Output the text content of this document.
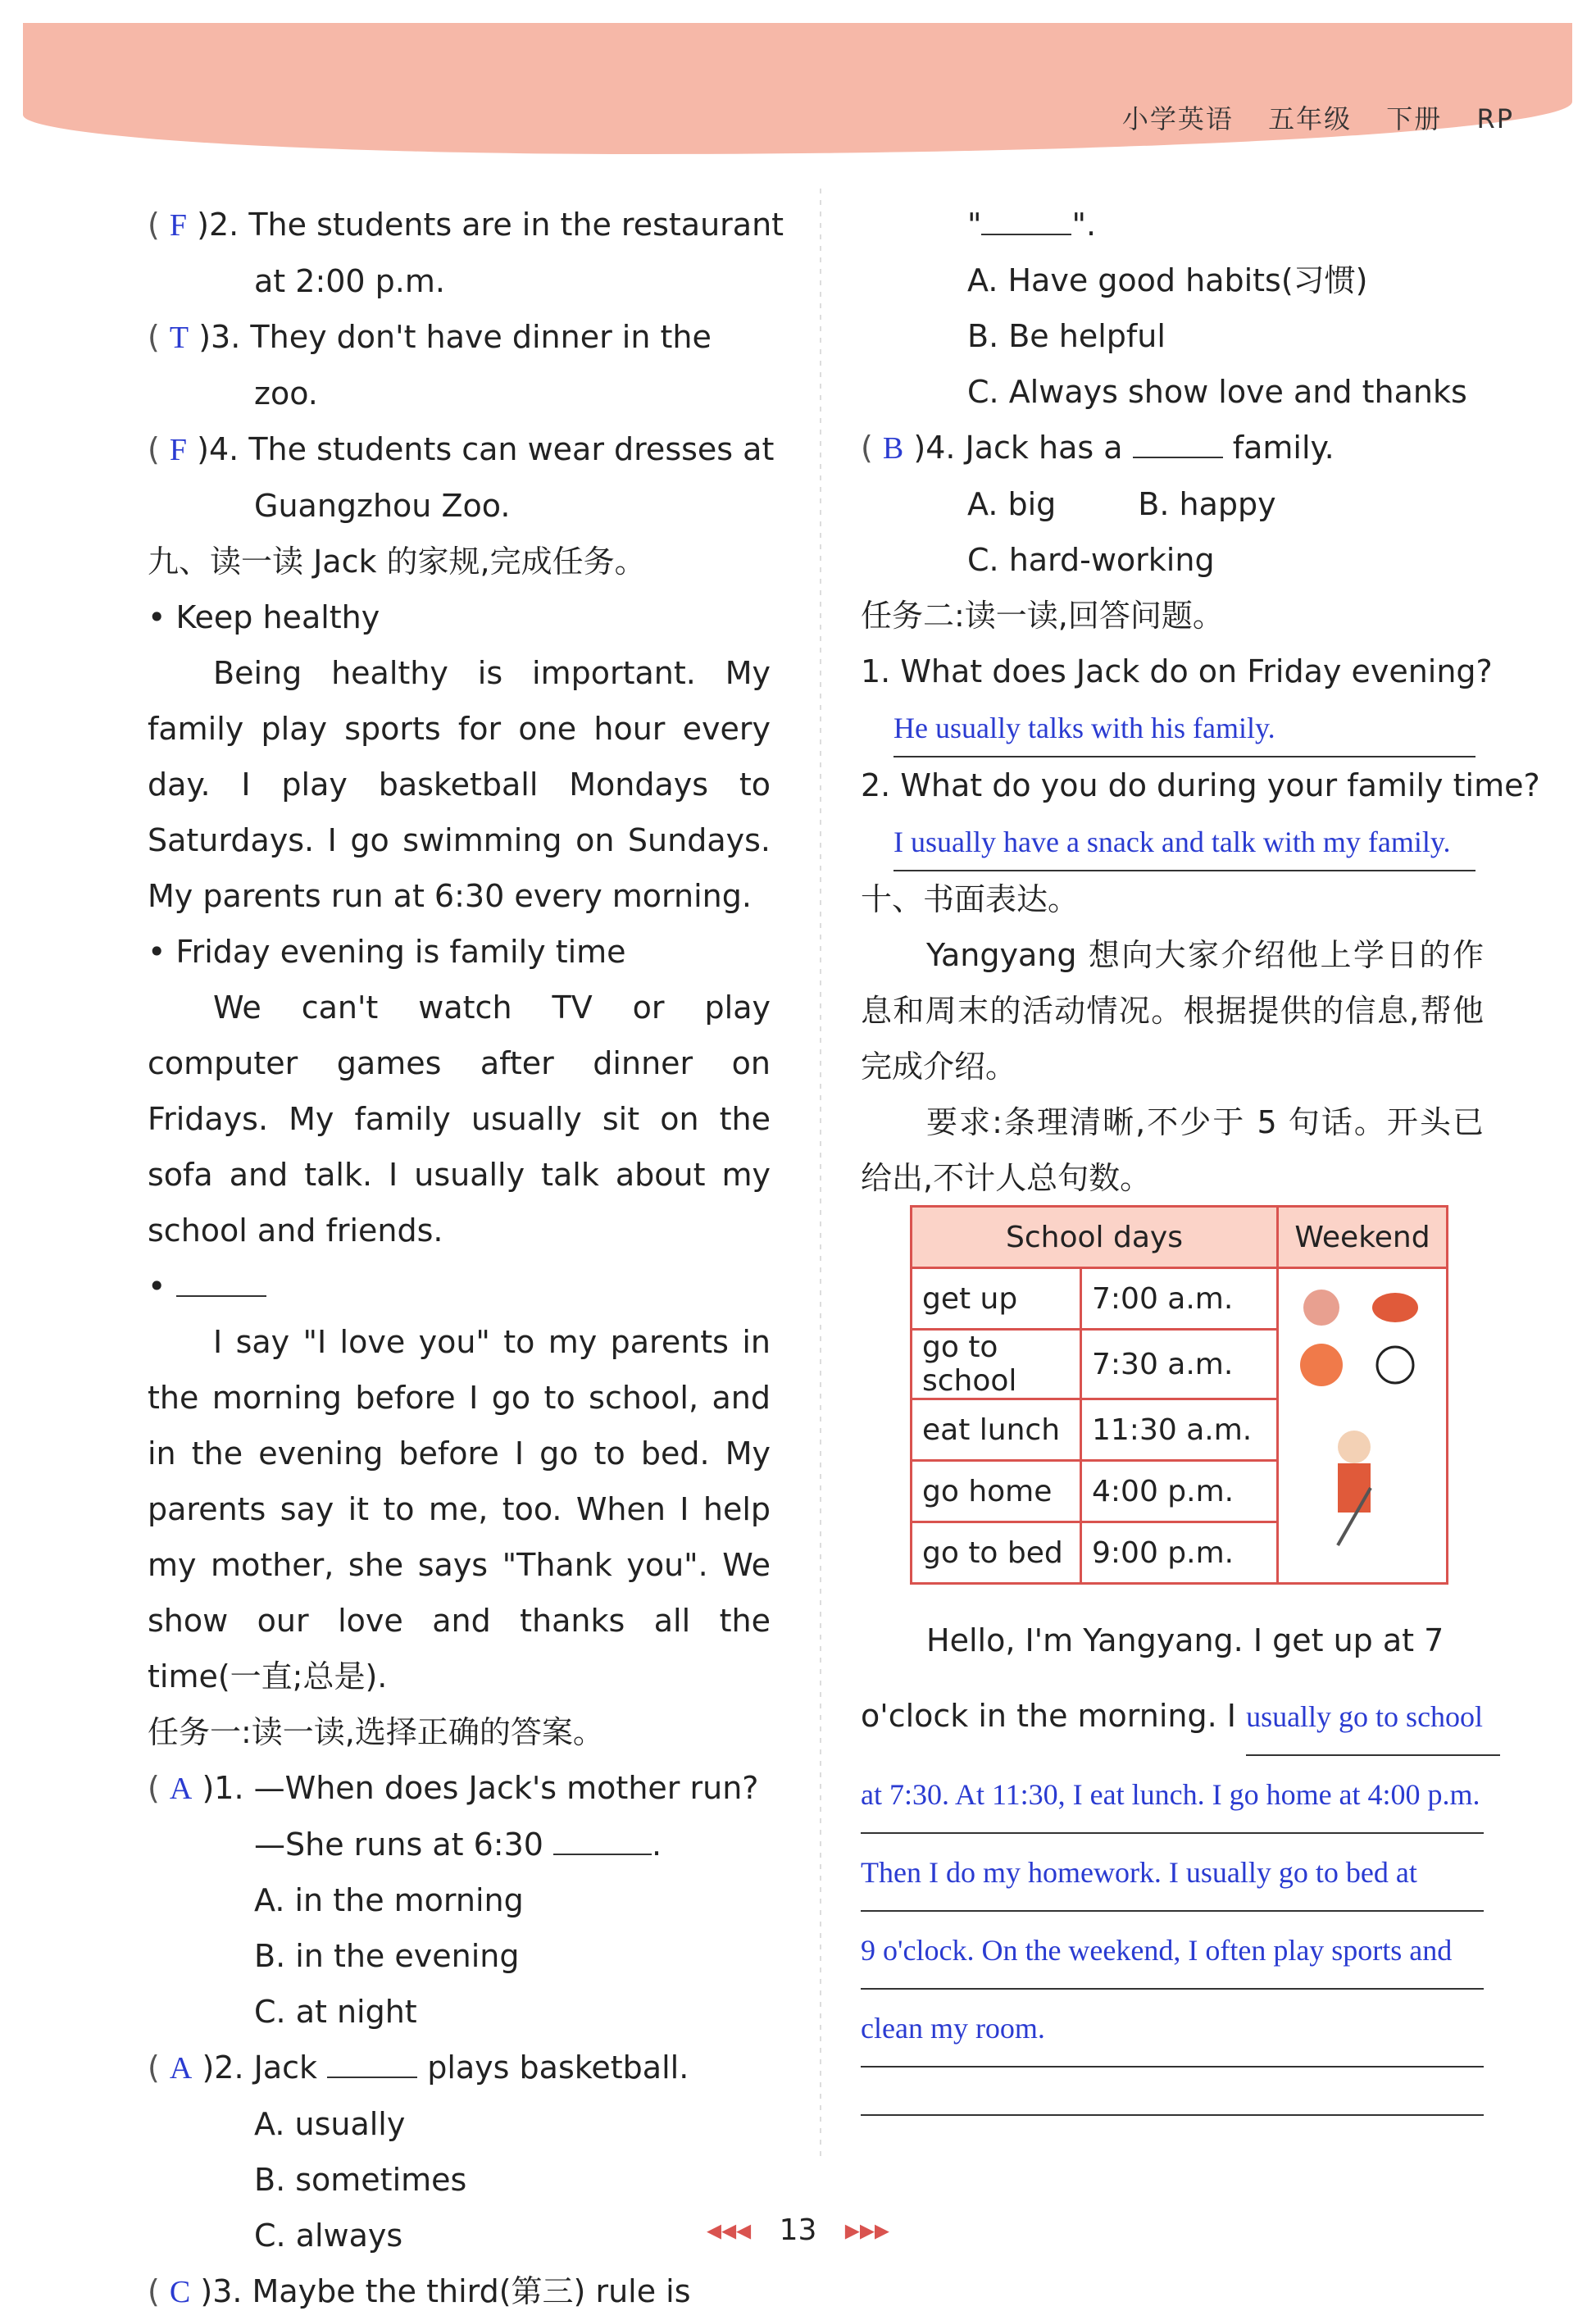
小学英语 五年级 下册 RP
( F )2. The students are in the restaurant
at 2:00 p.m.
( T )3. They don't have dinner in the
zoo.
( F )4. The students can wear dresses at
Guangzhou Zoo.
九、读一读 Jack 的家规,完成任务。
• Keep healthy
Being healthy is important. My family play sports for one hour every day. I play basketball Mondays to Saturdays. I go swimming on Sundays. My parents run at 6:30 every morning.
• Friday evening is family time
We can't watch TV or play computer games after dinner on Fridays. My family usually sit on the sofa and talk. I usually talk about my school and friends.
•
I say "I love you" to my parents in the morning before I go to school, and in the evening before I go to bed. My parents say it to me, too. When I help my mother, she says "Thank you". We show our love and thanks all the time(一直;总是).
任务一:读一读,选择正确的答案。
( A )1. —When does Jack's mother run?
—She runs at 6:30	.
A. in the morning
B. in the evening
C. at night
( A )2. Jack	plays basketball.
A. usually
B. sometimes
C. always
( C )3. Maybe the third(第三) rule is
"	".
A. Have good habits(习惯)
B. Be helpful
C. Always show love and thanks
( B )4. Jack has a	family.
A. big	B. happy
C. hard-working
任务二:读一读,回答问题。
1. What does Jack do on Friday evening?
He usually talks with his family.
2. What do you do during your family time?
I usually have a snack and talk with my family.
十、书面表达。
Yangyang 想向大家介绍他上学日的作息和周末的活动情况。根据提供的信息,帮他完成介绍。
要求:条理清晰,不少于 5 句话。开头已给出,不计人总句数。
School days		Weekend
get up	7:00 a.m.	
go to school	7:30 a.m.	
eat lunch	11:30 a.m.	
go home	4:00 p.m.	
go to bed	9:00 p.m.	
Hello, I'm Yangyang. I get up at 7
o'clock in the morning. I usually go to school
at 7:30. At 11:30, I eat lunch. I go home at 4:00 p.m.
Then I do my homework. I usually go to bed at
9 o'clock. On the weekend, I often play sports and
clean my room.
◂◂◂ 13 ▸▸▸
